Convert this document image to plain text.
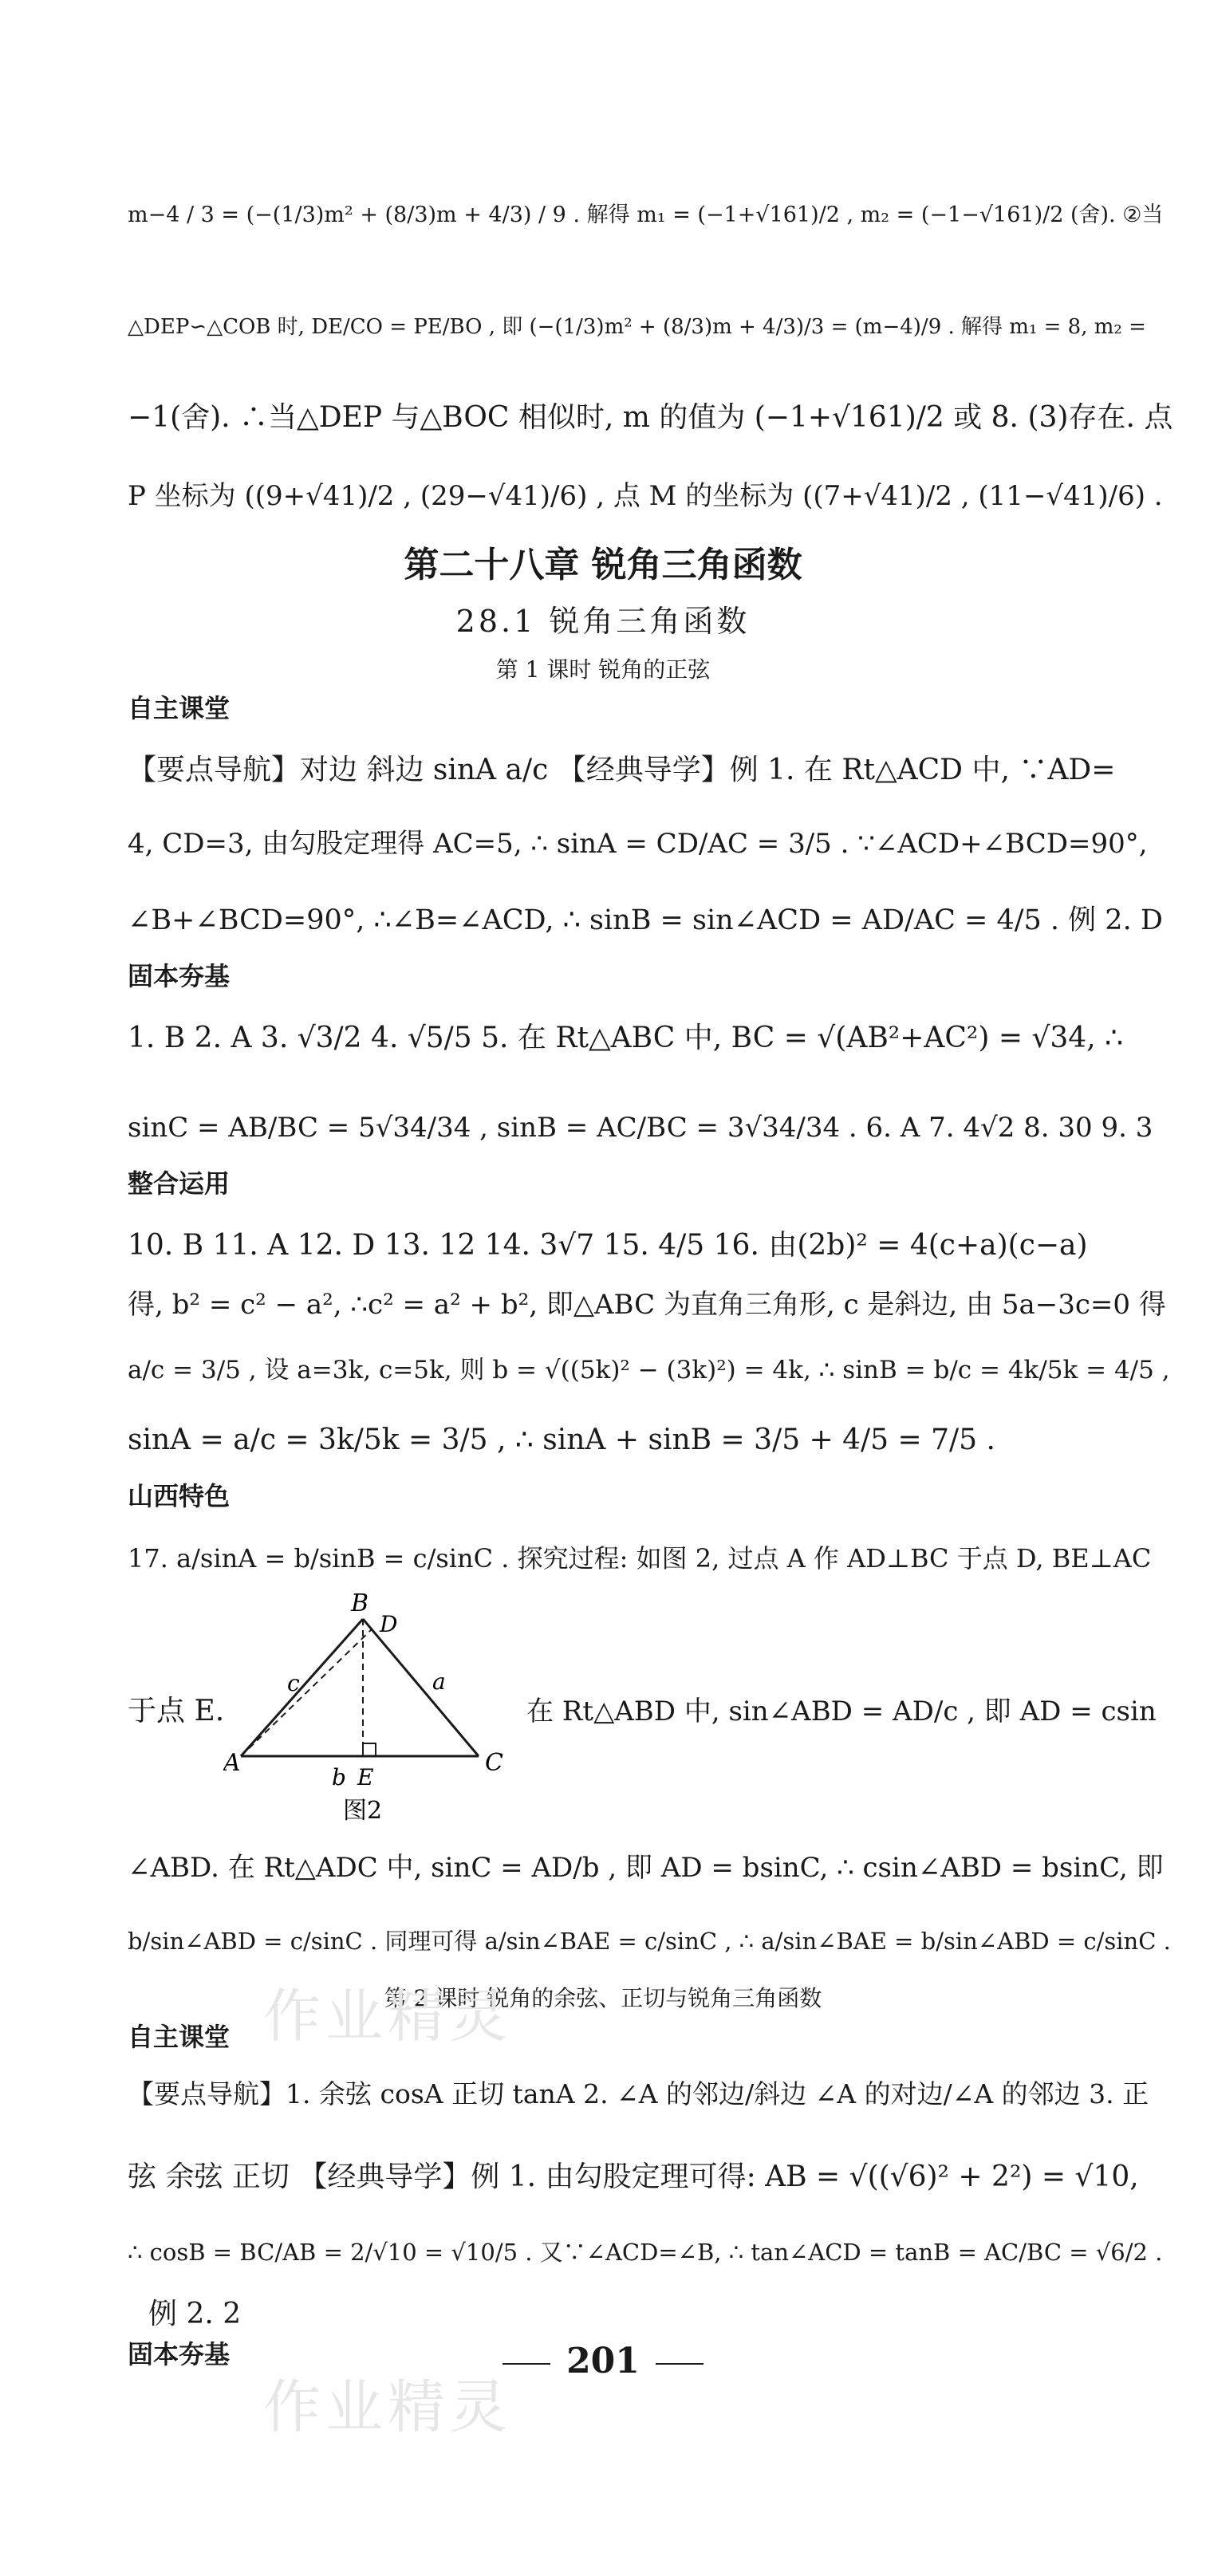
m−4 / 3 = (−(1/3)m² + (8/3)m + 4/3) / 9 . 解得 m₁ = (−1+√161)/2 , m₂ = (−1−√161)/2 (舍). ②当
△DEP∽△COB 时, DE/CO = PE/BO , 即 (−(1/3)m² + (8/3)m + 4/3)/3 = (m−4)/9 . 解得 m₁ = 8, m₂ =
−1(舍). ∴当△DEP 与△BOC 相似时, m 的值为 (−1+√161)/2 或 8. (3)存在. 点
P 坐标为 ((9+√41)/2 , (29−√41)/6) , 点 M 的坐标为 ((7+√41)/2 , (11−√41)/6) .
第二十八章 锐角三角函数
28.1 锐角三角函数
第 1 课时 锐角的正弦
自主课堂
【要点导航】对边 斜边 sinA a/c 【经典导学】例 1. 在 Rt△ACD 中, ∵AD=
4, CD=3, 由勾股定理得 AC=5, ∴ sinA = CD/AC = 3/5 . ∵∠ACD+∠BCD=90°,
∠B+∠BCD=90°, ∴∠B=∠ACD, ∴ sinB = sin∠ACD = AD/AC = 4/5 . 例 2. D
固本夯基
1. B 2. A 3. √3/2 4. √5/5 5. 在 Rt△ABC 中, BC = √(AB²+AC²) = √34, ∴
sinC = AB/BC = 5√34/34 , sinB = AC/BC = 3√34/34 . 6. A 7. 4√2 8. 30 9. 3
整合运用
10. B 11. A 12. D 13. 12 14. 3√7 15. 4/5 16. 由(2b)² = 4(c+a)(c−a)
得, b² = c² − a², ∴c² = a² + b², 即△ABC 为直角三角形, c 是斜边, 由 5a−3c=0 得
a/c = 3/5 , 设 a=3k, c=5k, 则 b = √((5k)² − (3k)²) = 4k, ∴ sinB = b/c = 4k/5k = 4/5 ,
sinA = a/c = 3k/5k = 3/5 , ∴ sinA + sinB = 3/5 + 4/5 = 7/5 .
山西特色
17. a/sinA = b/sinB = c/sinC . 探究过程: 如图 2, 过点 A 作 AD⊥BC 于点 D, BE⊥AC
B
D
A	C
E
b
a
c
图2
于点 E.	在 Rt△ABD 中, sin∠ABD = AD/c , 即 AD = csin
∠ABD. 在 Rt△ADC 中, sinC = AD/b , 即 AD = bsinC, ∴ csin∠ABD = bsinC, 即
b/sin∠ABD = c/sinC . 同理可得 a/sin∠BAE = c/sinC , ∴ a/sin∠BAE = b/sin∠ABD = c/sinC .
第 2 课时 锐角的余弦、正切与锐角三角函数
自主课堂
【要点导航】1. 余弦 cosA 正切 tanA 2. ∠A 的邻边/斜边 ∠A 的对边/∠A 的邻边 3. 正
弦 余弦 正切 【经典导学】例 1. 由勾股定理可得: AB = √((√6)² + 2²) = √10,
∴ cosB = BC/AB = 2/√10 = √10/5 . 又∵∠ACD=∠B, ∴ tan∠ACD = tanB = AC/BC = √6/2 .
例 2. 2
固本夯基
作业精灵
作业精灵
201
